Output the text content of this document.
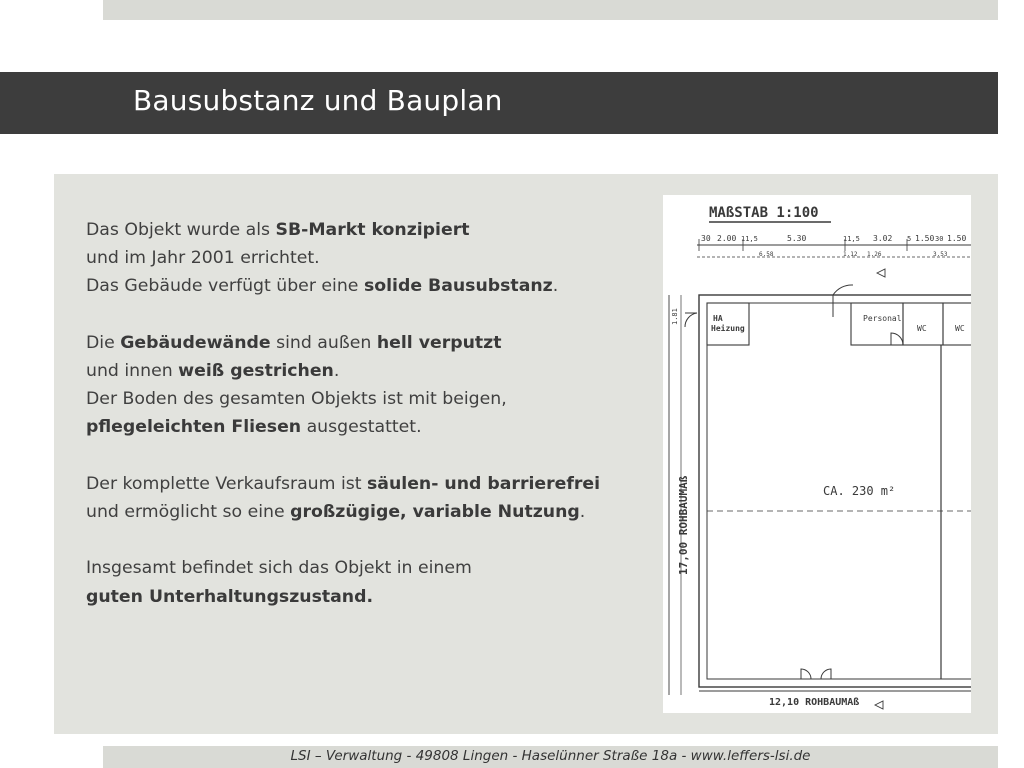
Bausubstanz und Bauplan

Das Objekt wurde als SB-Markt konzipiert
und im Jahr 2001 errichtet.
Das Gebäude verfügt über eine solide Bausubstanz.

Die Gebäudewände sind außen hell verputzt
und innen weiß gestrichen.
Der Boden des gesamten Objekts ist mit beigen,
pflegeleichten Fliesen ausgestattet.

Der komplette Verkaufsraum ist säulen- und barrierefrei
und ermöglicht so eine großzügige, variable Nutzung.

Insgesamt befindet sich das Objekt in einem
guten Unterhaltungszustand.

MAßSTAB 1:100
30 2.00 11,5	5.30	11,5 3.02 5 1.50 30 1.50
6.58	1.12 1.26	3.53
1.81	HA
Heizung
Personal
WC	WC
CA. 230 m²
17,00 ROHBAUMAß
12,10 ROHBAUMAß
LSI – Verwaltung - 49808 Lingen - Haselünner Straße 18a - www.leffers-lsi.de
